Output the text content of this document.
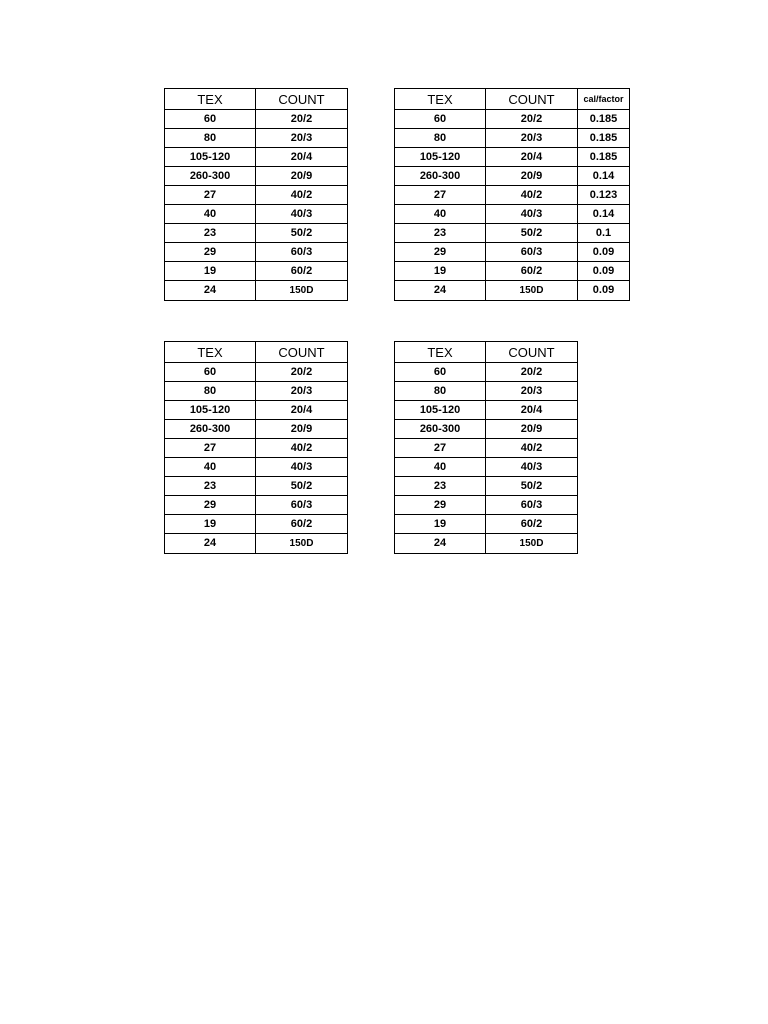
TEX	COUNT
60	20/2
80	20/3
105-120	20/4
260-300	20/9
27	40/2
40	40/3
23	50/2
29	60/3
19	60/2
24	150D
TEX	COUNT	cal/factor
60	20/2	0.185
80	20/3	0.185
105-120	20/4	0.185
260-300	20/9	0.14
27	40/2	0.123
40	40/3	0.14
23	50/2	0.1
29	60/3	0.09
19	60/2	0.09
24	150D	0.09
TEX	COUNT
60	20/2
80	20/3
105-120	20/4
260-300	20/9
27	40/2
40	40/3
23	50/2
29	60/3
19	60/2
24	150D
TEX	COUNT
60	20/2
80	20/3
105-120	20/4
260-300	20/9
27	40/2
40	40/3
23	50/2
29	60/3
19	60/2
24	150D
